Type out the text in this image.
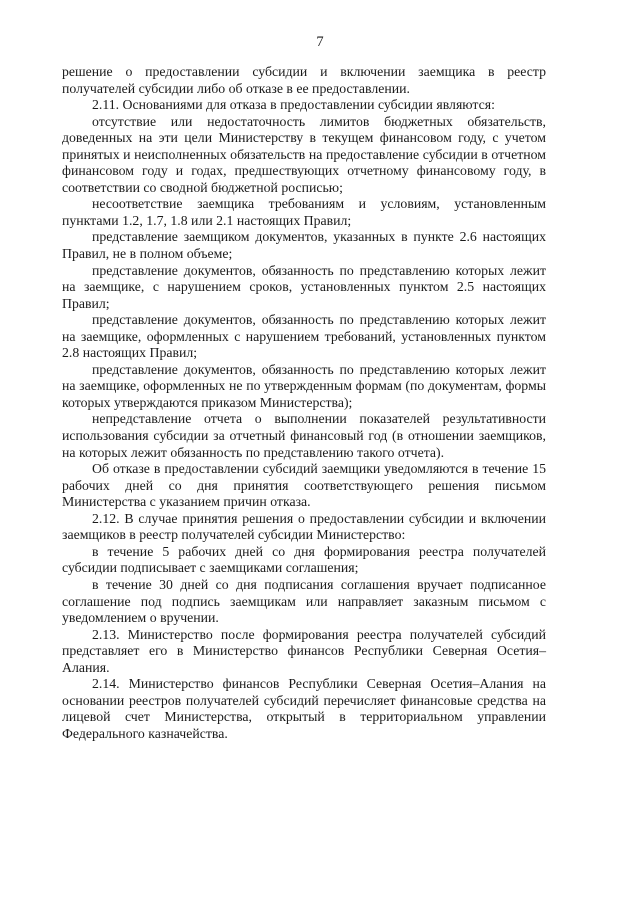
7

решение о предоставлении субсидии и включении заемщика в реестр получателей субсидии либо об отказе в ее предоставлении.

2.11. Основаниями для отказа в предоставлении субсидии являются:

отсутствие или недостаточность лимитов бюджетных обязательств, доведенных на эти цели Министерству в текущем финансовом году, с учетом принятых и неисполненных обязательств на предоставление субсидии в отчетном финансовом году и годах, предшествующих отчетному финансовому году, в соответствии со сводной бюджетной росписью;

несоответствие заемщика требованиям и условиям, установленным пунктами 1.2, 1.7, 1.8 или 2.1 настоящих Правил;

представление заемщиком документов, указанных в пункте 2.6 настоящих Правил, не в полном объеме;

представление документов, обязанность по представлению которых лежит на заемщике, с нарушением сроков, установленных пунктом 2.5 настоящих Правил;

представление документов, обязанность по представлению которых лежит на заемщике, оформленных с нарушением требований, установленных пунктом 2.8 настоящих Правил;

представление документов, обязанность по представлению которых лежит на заемщике, оформленных не по утвержденным формам (по документам, формы которых утверждаются приказом Министерства);

непредставление отчета о выполнении показателей результативности использования субсидии за отчетный финансовый год (в отношении заемщиков, на которых лежит обязанность по представлению такого отчета).

Об отказе в предоставлении субсидий заемщики уведомляются в течение 15 рабочих дней со дня принятия соответствующего решения письмом Министерства с указанием причин отказа.

2.12. В случае принятия решения о предоставлении субсидии и включении заемщиков в реестр получателей субсидии Министерство:

в течение 5 рабочих дней со дня формирования реестра получателей субсидии подписывает с заемщиками соглашения;

в течение 30 дней со дня подписания соглашения вручает подписанное соглашение под подпись заемщикам или направляет заказным письмом с уведомлением о вручении.

2.13. Министерство после формирования реестра получателей субсидий представляет его в Министерство финансов Республики Северная Осетия–Алания.

2.14. Министерство финансов Республики Северная Осетия–Алания на основании реестров получателей субсидий перечисляет финансовые средства на лицевой счет Министерства, открытый в территориальном управлении Федерального казначейства.
